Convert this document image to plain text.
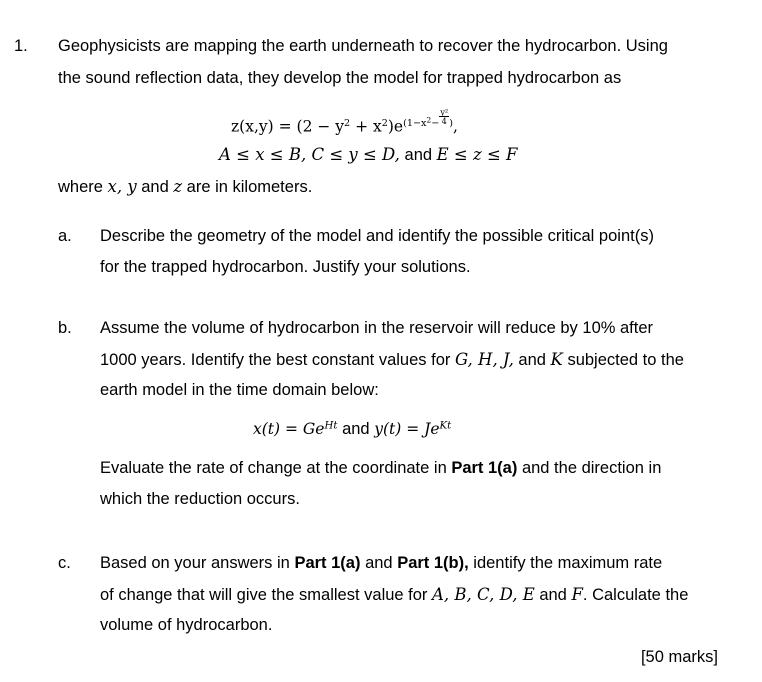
1. Geophysicists are mapping the earth underneath to recover the hydrocarbon. Using
the sound reflection data, they develop the model for trapped hydrocarbon as
$z(x,y) = (2 - y^2 + x^2)e^{(1-x^2- \frac{\text{y²}}{4} )}$,
A ≤ x ≤ B, C ≤ y ≤ D, and E ≤ z ≤ F
where x, y and z are in kilometers.
a. Describe the geometry of the model and identify the possible critical point(s)
for the trapped hydrocarbon. Justify your solutions.
b. Assume the volume of hydrocarbon in the reservoir will reduce by 10% after
1000 years. Identify the best constant values for G, H, J, and K subjected to the
earth model in the time domain below:
$x(t) = Ge^{Ht}$ and $y(t) = Je^{Kt}$
Evaluate the rate of change at the coordinate in Part 1(a) and the direction in
which the reduction occurs.
c. Based on your answers in Part 1(a) and Part 1(b), identify the maximum rate
of change that will give the smallest value for A, B, C, D, E and F. Calculate the
volume of hydrocarbon.
[50 marks]
